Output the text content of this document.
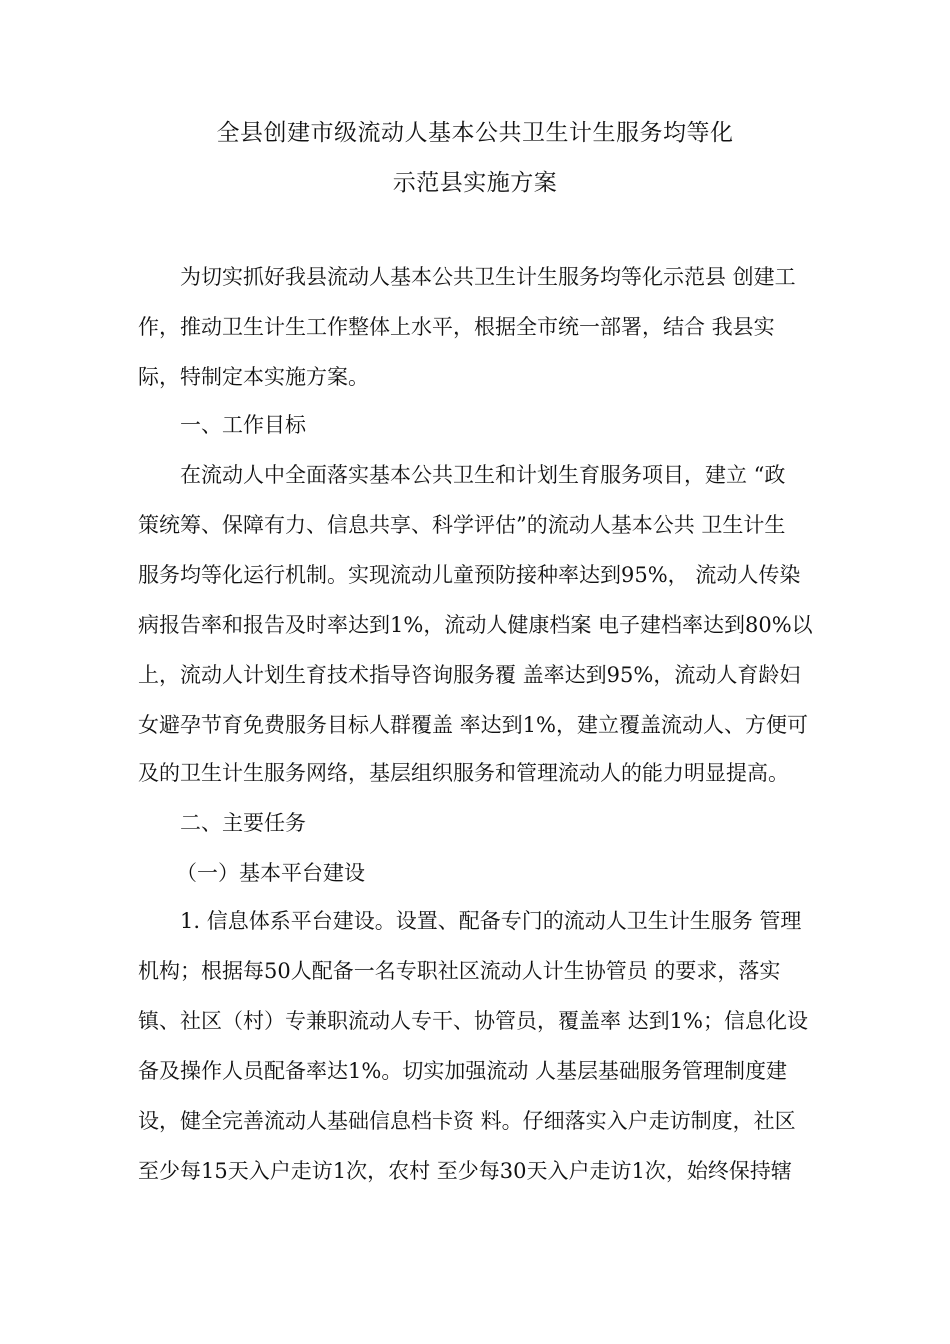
全县创建市级流动人基本公共卫生计生服务均等化
示范县实施方案
为切实抓好我县流动人基本公共卫生计生服务均等化示范县 创建工
作，推动卫生计生工作整体上水平，根据全市统一部署，结合 我县实
际，特制定本实施方案。
一、工作目标
在流动人中全面落实基本公共卫生和计划生育服务项目，建立 “政
策统筹、保障有力、信息共享、科学评估”的流动人基本公共 卫生计生
服务均等化运行机制。实现流动儿童预防接种率达到95%， 流动人传染
病报告率和报告及时率达到1%，流动人健康档案 电子建档率达到80%以
上，流动人计划生育技术指导咨询服务覆 盖率达到95%，流动人育龄妇
女避孕节育免费服务目标人群覆盖 率达到1%，建立覆盖流动人、方便可
及的卫生计生服务网络，基层组织服务和管理流动人的能力明显提高。
二、主要任务
（一）基本平台建设
1. 信息体系平台建设。设置、配备专门的流动人卫生计生服务 管理
机构；根据每50人配备一名专职社区流动人计生协管员 的要求，落实
镇、社区（村）专兼职流动人专干、协管员，覆盖率 达到1%；信息化设
备及操作人员配备率达1%。切实加强流动 人基层基础服务管理制度建
设，健全完善流动人基础信息档卡资 料。仔细落实入户走访制度，社区
至少每15天入户走访1次，农村 至少每30天入户走访1次，始终保持辖
